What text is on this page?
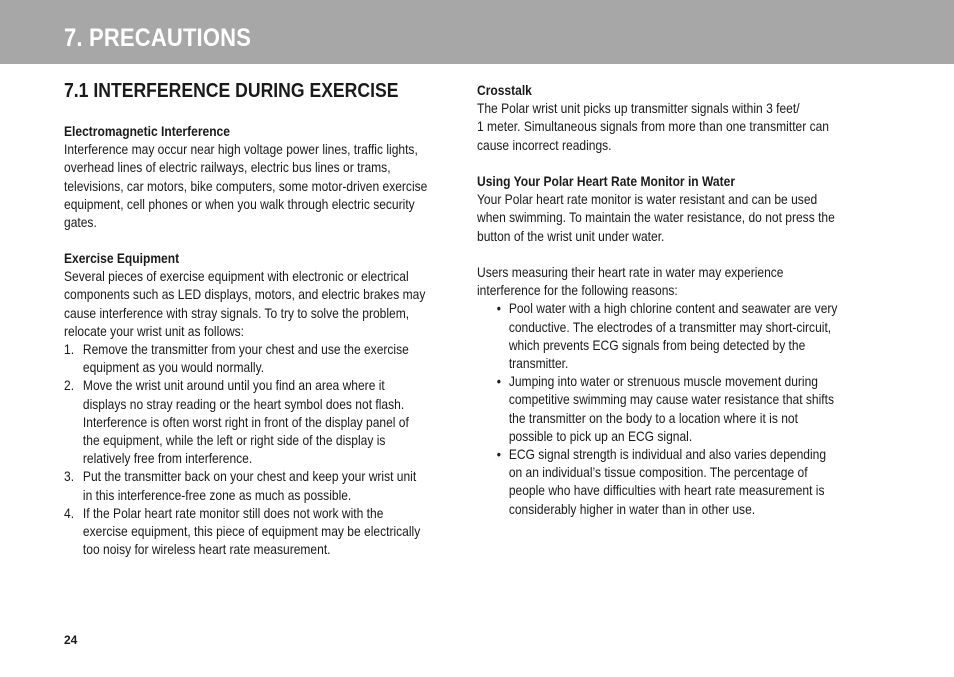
7. PRECAUTIONS
7.1 INTERFERENCE DURING EXERCISE

Electromagnetic Interference

Interference may occur near high voltage power lines, traffic lights,

overhead lines of electric railways, electric bus lines or trams,

televisions, car motors, bike computers, some motor-driven exercise

equipment, cell phones or when you walk through electric security

gates.

Exercise Equipment

Several pieces of exercise equipment with electronic or electrical

components such as LED displays, motors, and electric brakes may

cause interference with stray signals. To try to solve the problem,

relocate your wrist unit as follows:

1. Remove the transmitter from your chest and use the exercise
equipment as you would normally.
2. Move the wrist unit around until you find an area where it
displays no stray reading or the heart symbol does not flash.
Interference is often worst right in front of the display panel of
the equipment, while the left or right side of the display is
relatively free from interference.
3. Put the transmitter back on your chest and keep your wrist unit
in this interference-free zone as much as possible.
4. If the Polar heart rate monitor still does not work with the
exercise equipment, this piece of equipment may be electrically
too noisy for wireless heart rate measurement.

Crosstalk

The Polar wrist unit picks up transmitter signals within 3 feet/

1 meter. Simultaneous signals from more than one transmitter can

cause incorrect readings.

Using Your Polar Heart Rate Monitor in Water

Your Polar heart rate monitor is water resistant and can be used

when swimming. To maintain the water resistance, do not press the

button of the wrist unit under water.

Users measuring their heart rate in water may experience

interference for the following reasons:

• Pool water with a high chlorine content and seawater are very
conductive. The electrodes of a transmitter may short-circuit,
which prevents ECG signals from being detected by the
transmitter.
• Jumping into water or strenuous muscle movement during
competitive swimming may cause water resistance that shifts
the transmitter on the body to a location where it is not
possible to pick up an ECG signal.
• ECG signal strength is individual and also varies depending
on an individual’s tissue composition. The percentage of
people who have difficulties with heart rate measurement is
considerably higher in water than in other use.

24
